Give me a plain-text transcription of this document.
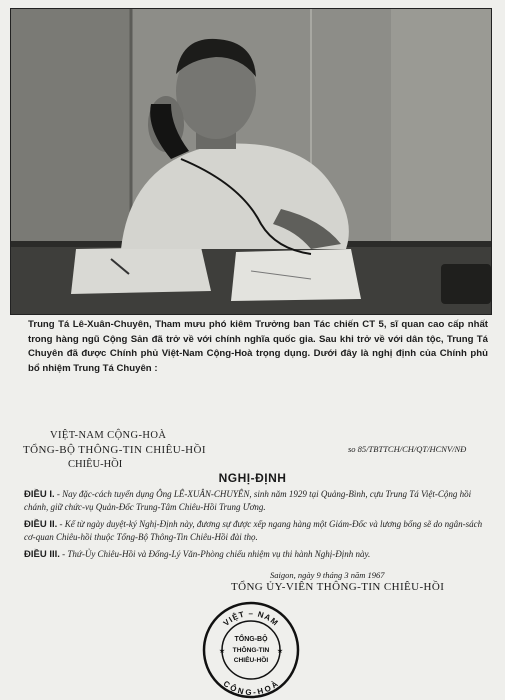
Trung Tá Lê-Xuân-Chuyên, Tham mưu phó kiêm Trưởng ban Tác chiến CT 5, sĩ quan cao cấp nhất trong hàng ngũ Cộng Sản đã trở về với chính nghĩa quốc gia. Sau khi trở về với dân tộc, Trung Tá Chuyên đã được Chính phủ Việt-Nam Cộng-Hoà trọng dụng. Dưới đây là nghị định của Chính phủ bổ nhiệm Trung Tá Chuyên :
VIỆT-NAM CỘNG-HOÀ
TỔNG-BỘ THÔNG-TIN CHIÊU-HỒI
CHIÊU-HỒI
so 85/TBTTCH/CH/QT/HCNV/NĐ
NGHỊ-ĐỊNH
ĐIỀU I. - Nay đặc-cách tuyển dụng Ông LÊ-XUÂN-CHUYÊN, sinh năm 1929 tại Quảng-Bình, cựu Trung Tá Việt-Cộng hồi chánh, giữ chức-vụ Quản-Đốc Trung-Tâm Chiêu-Hồi Trung Ương.
ĐIỀU II. - Kể từ ngày duyệt-ký Nghị-Định này, đương sự được xếp ngang hàng một Giám-Đốc và lương bổng sẽ do ngân-sách cơ-quan Chiêu-hồi thuộc Tổng-Bộ Thông-Tin Chiêu-Hồi đài thọ.
ĐIỀU III. - Thứ-Ủy Chiêu-Hồi và Đổng-Lý Văn-Phòng chiếu nhiệm vụ thi hành Nghị-Định này.
Saigon, ngày 9 tháng 3 năm 1967
TỔNG ỦY-VIÊN THÔNG-TIN CHIÊU-HỒI
VIỆT – NAM
CỘNG-HOÀ
★
★
TỔNG-BỘ
THÔNG-TIN
CHIÊU-HỒI
